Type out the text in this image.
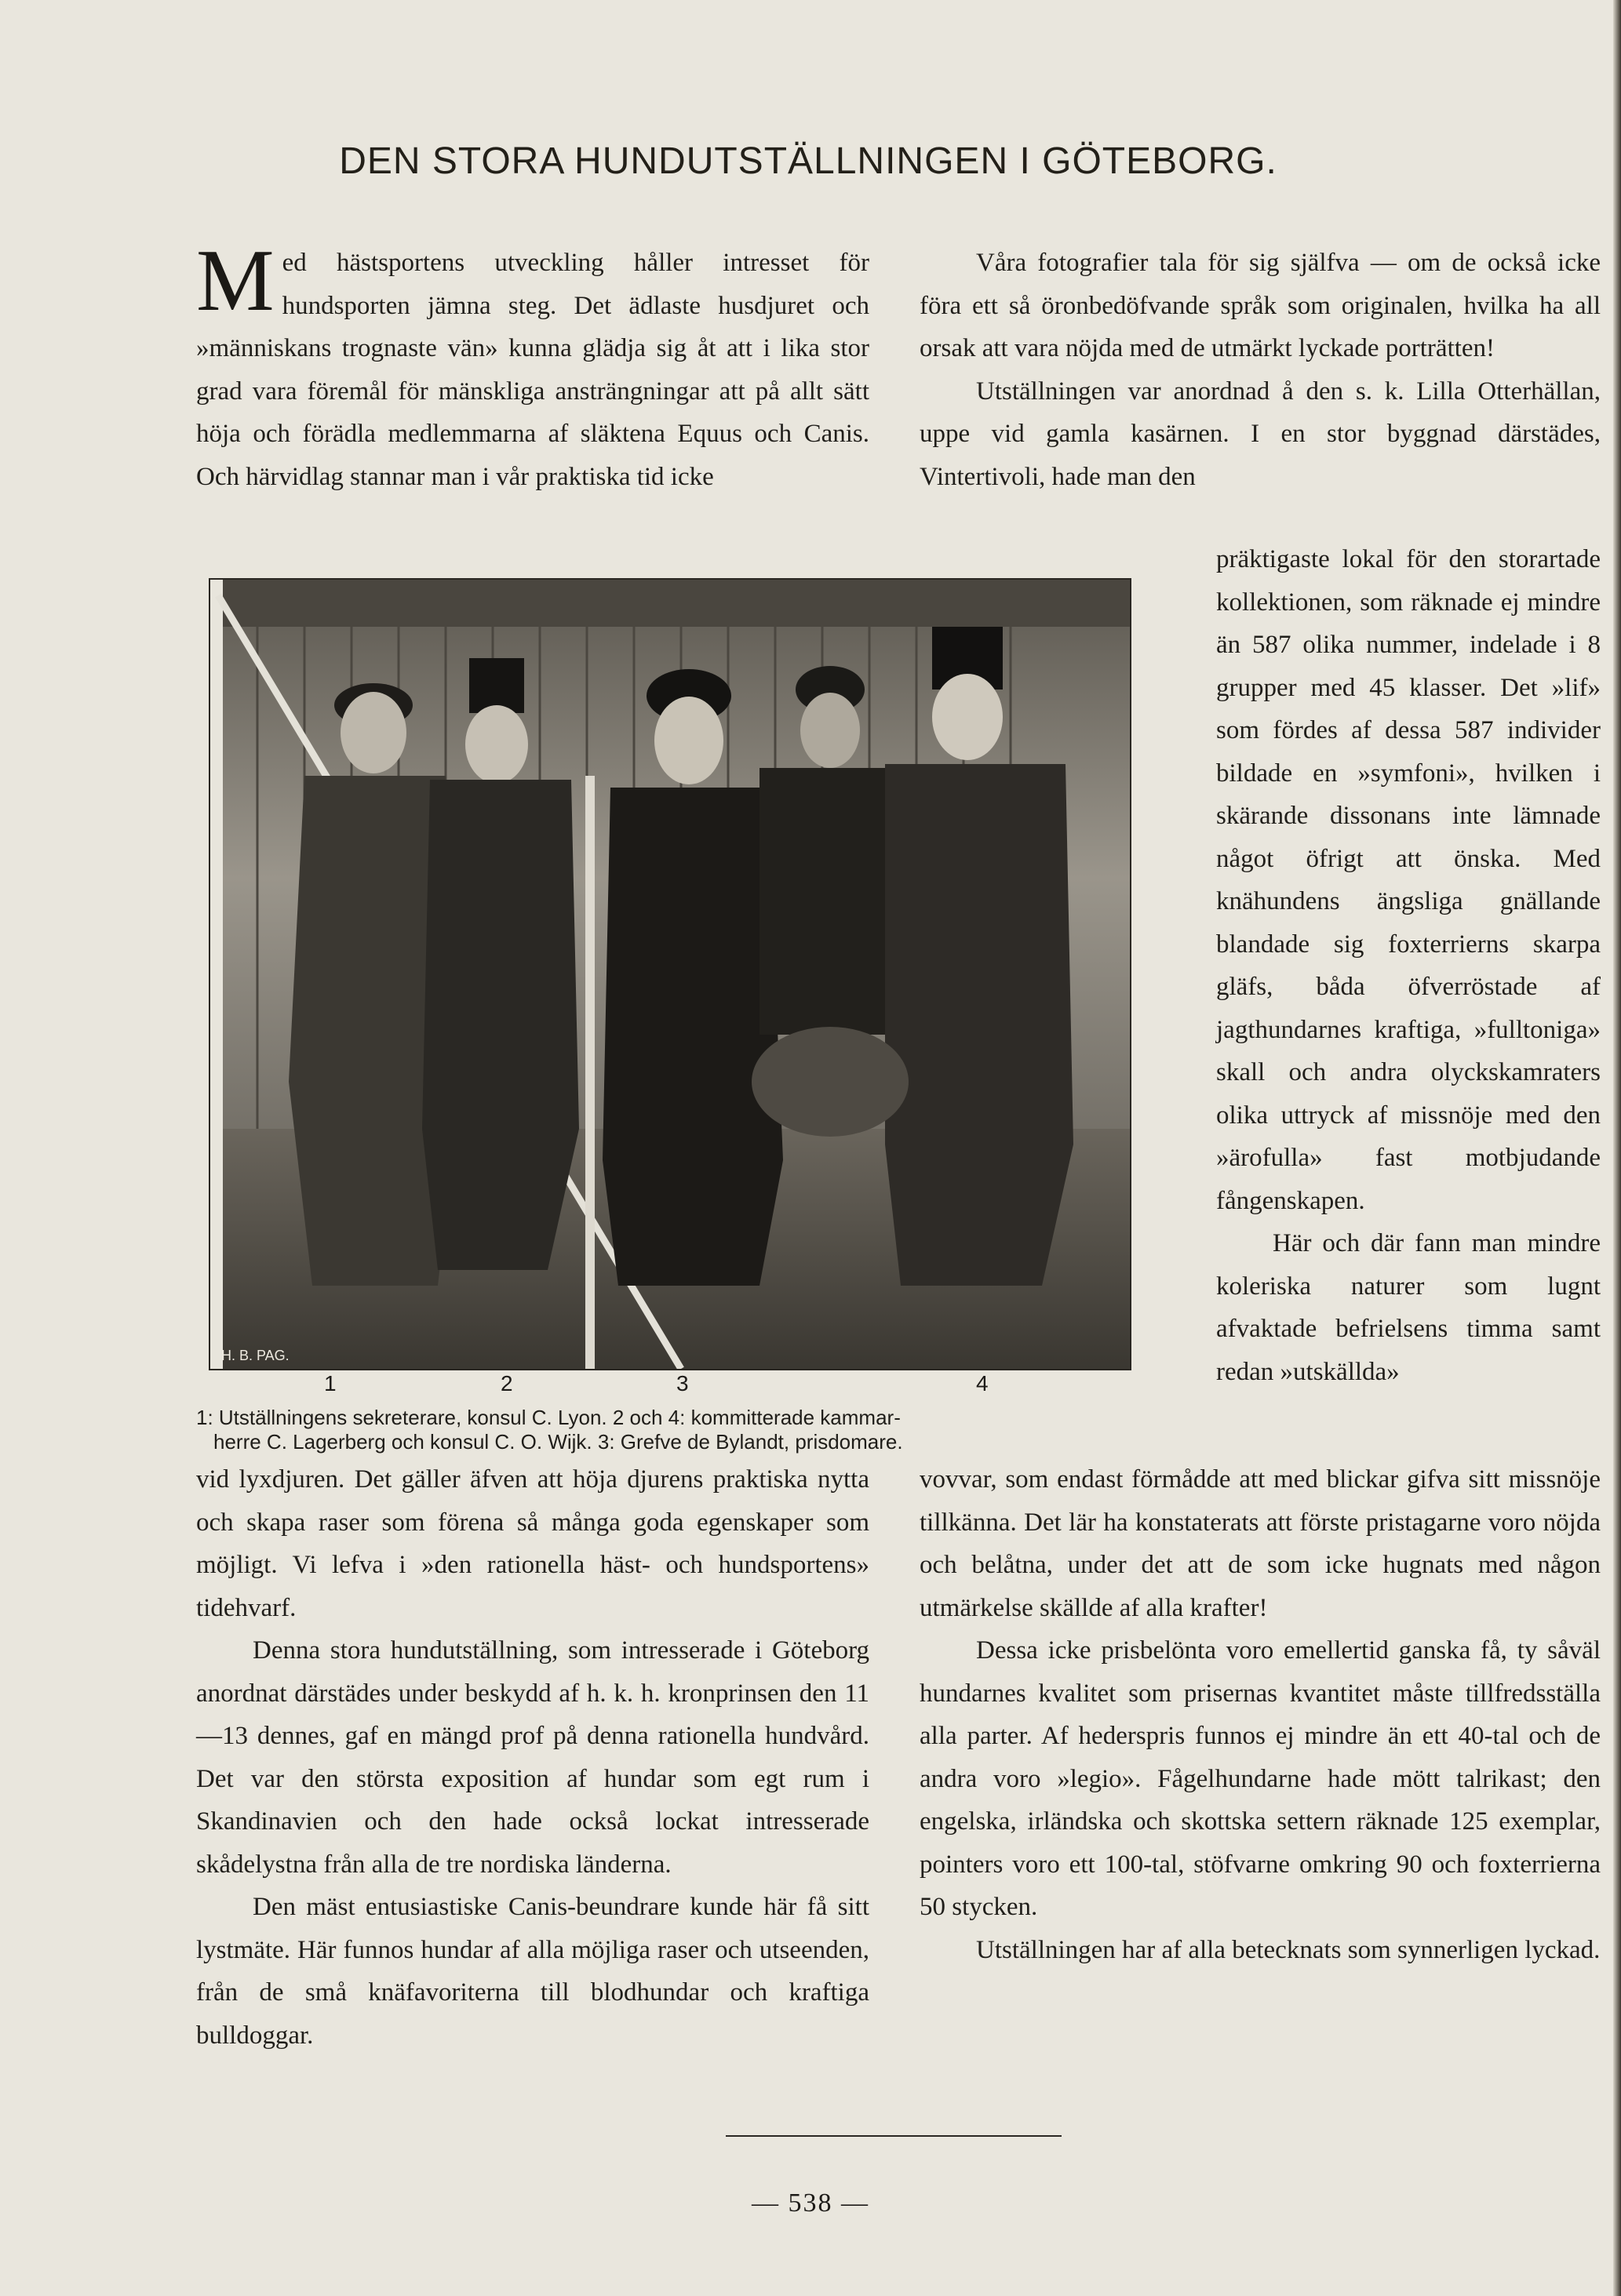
DEN STORA HUNDUTSTÄLLNINGEN I GÖTEBORG.

Med hästsportens utveckling håller intresset för hundsporten jämna steg. Det ädlaste husdjuret och »människans trognaste vän» kunna glädja sig åt att i lika stor grad vara föremål för mänskliga ansträngningar att på allt sätt höja och förädla medlemmarna af släktena Equus och Canis. Och härvidlag stannar man i vår praktiska tid icke

Våra fotografier tala för sig själfva — om de också icke föra ett så öronbedöfvande språk som originalen, hvilka ha all orsak att vara nöjda med de utmärkt lyckade porträtten!

Utställningen var anordnad å den s. k. Lilla Otterhällan, uppe vid gamla kasärnen. I en stor byggnad därstädes, Vintertivoli, hade man den

präktigaste lokal för den storartade kollektionen, som räknade ej mindre än 587 olika nummer, indelade i 8 grupper med 45 klasser. Det »lif» som fördes af dessa 587 individer bildade en »symfoni», hvilken i skärande dissonans inte lämnade något öfrigt att önska. Med knähundens ängsliga gnällande blandade sig foxterrierns skarpa gläfs, båda öfverröstade af jagthundarnes kraftiga, »fulltoniga» skall och andra olyckskamraters olika uttryck af missnöje med den »ärofulla» fast motbjudande fångenskapen.

Här och där fann man mindre koleriska naturer som lugnt afvaktade befrielsens timma samt redan »utskällda»

H. B. PAG.
1	2	3	4

1: Utställningens sekreterare, konsul C. Lyon. 2 och 4: kommitterade kammar-

herre C. Lagerberg och konsul C. O. Wijk. 3: Grefve de Bylandt, prisdomare.

vid lyxdjuren. Det gäller äfven att höja djurens praktiska nytta och skapa raser som förena så många goda egenskaper som möjligt. Vi lefva i »den rationella häst- och hundsportens» tidehvarf.

Denna stora hundutställning, som intresserade i Göteborg anordnat därstädes under beskydd af h. k. h. kronprinsen den 11—13 dennes, gaf en mängd prof på denna rationella hundvård. Det var den största exposition af hundar som egt rum i Skandinavien och den hade också lockat intresserade skådelystna från alla de tre nordiska länderna.

Den mäst entusiastiske Canis-beundrare kunde här få sitt lystmäte. Här funnos hundar af alla möjliga raser och utseenden, från de små knäfavoriterna till blodhundar och kraftiga bulldoggar.

vovvar, som endast förmådde att med blickar gifva sitt missnöje tillkänna. Det lär ha konstaterats att förste pristagarne voro nöjda och belåtna, under det att de som icke hugnats med någon utmärkelse skällde af alla krafter!

Dessa icke prisbelönta voro emellertid ganska få, ty såväl hundarnes kvalitet som prisernas kvantitet måste tillfredsställa alla parter. Af hederspris funnos ej mindre än ett 40-tal och de andra voro »legio». Fågelhundarne hade mött talrikast; den engelska, irländska och skottska settern räknade 125 exemplar, pointers voro ett 100-tal, stöfvarne omkring 90 och foxterrierna 50 stycken.

Utställningen har af alla betecknats som synnerligen lyckad.

— 538 —
